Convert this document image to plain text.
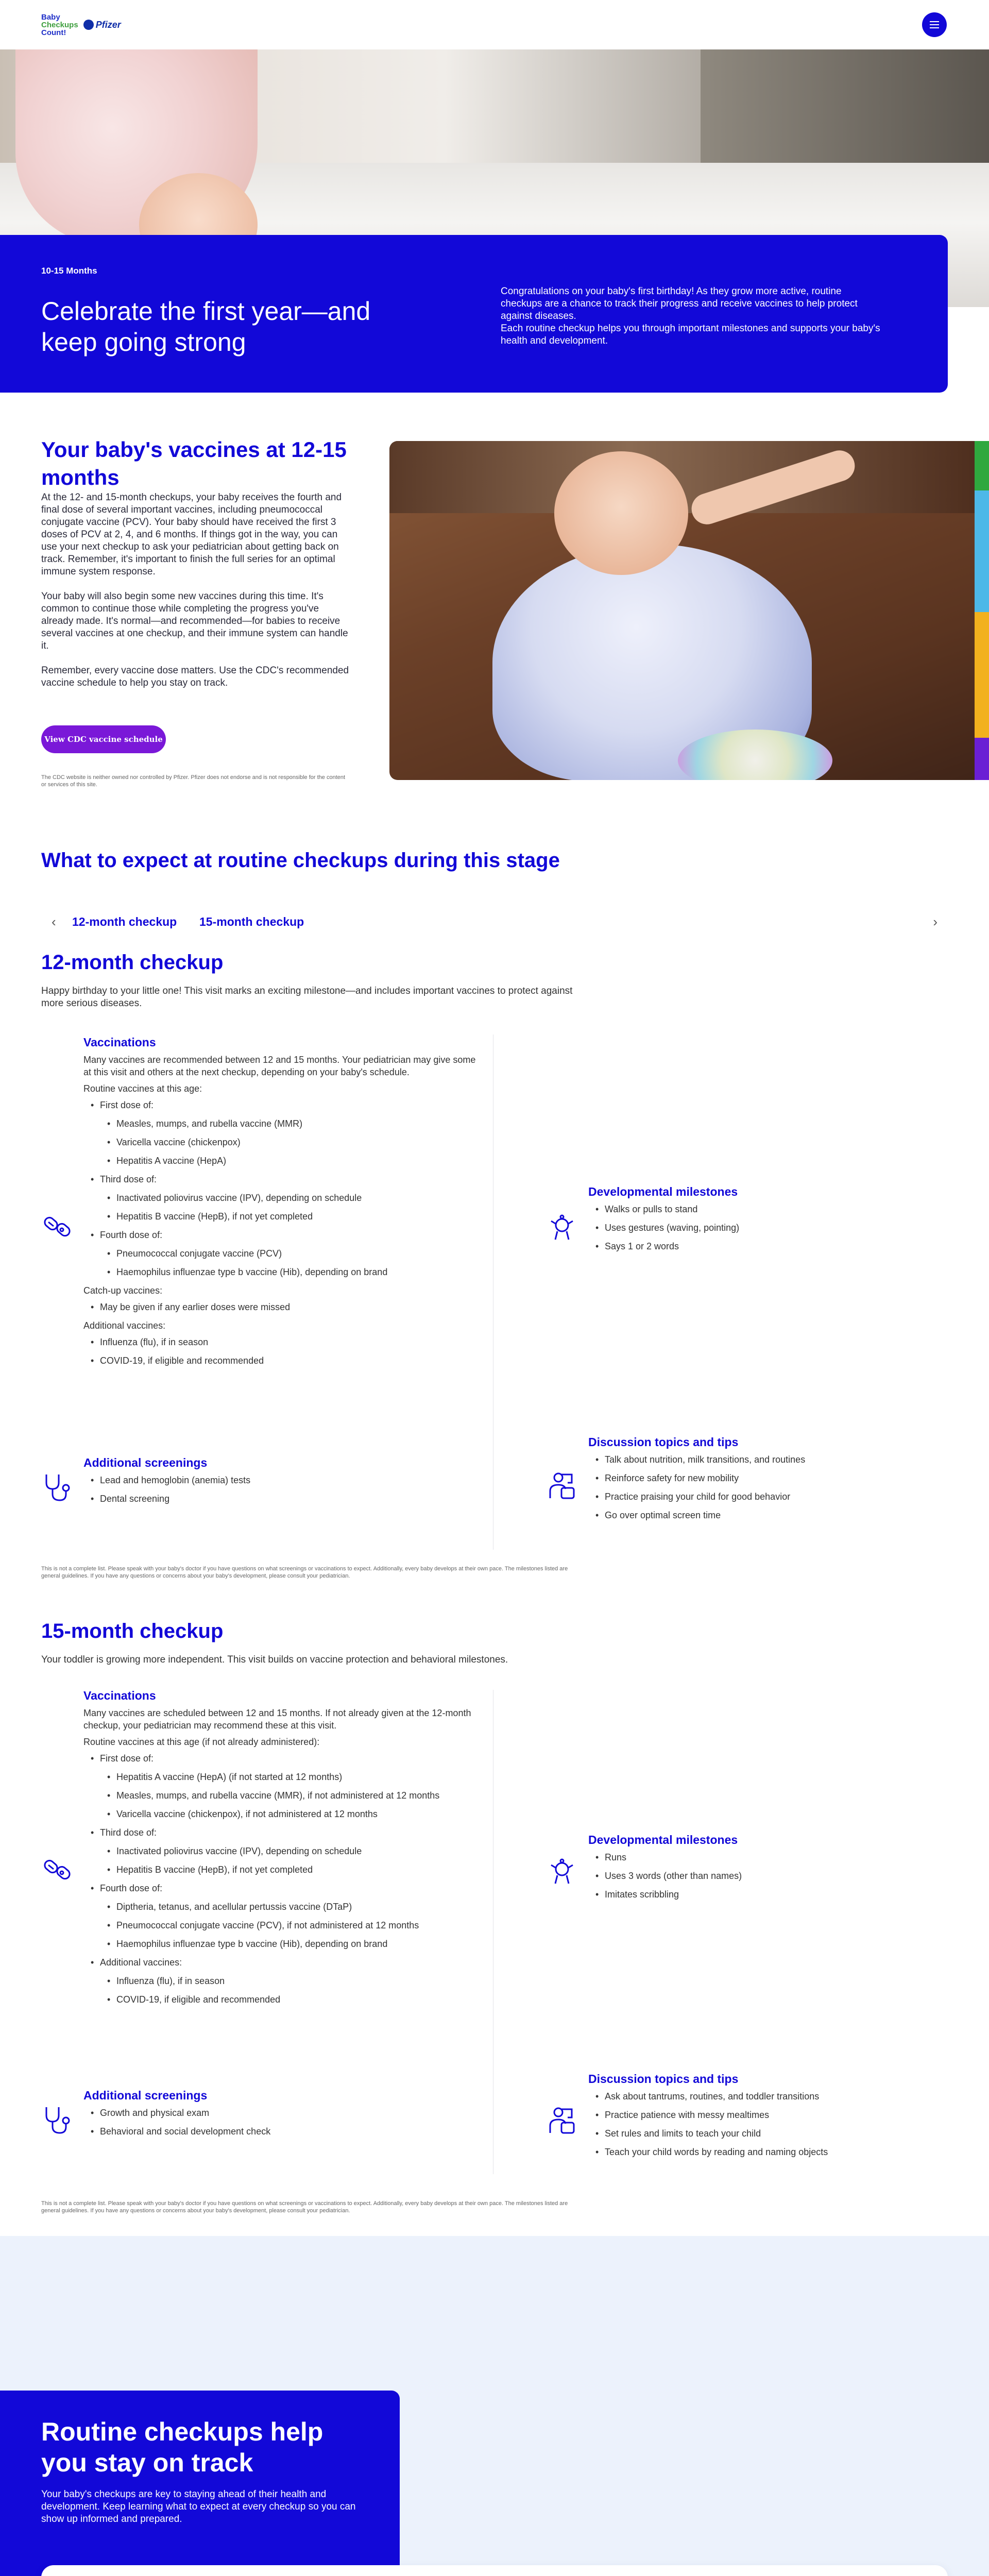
Baby
Checkups
Count!
Pfizer
10-15 Months
Celebrate the first year—and keep going strong

Congratulations on your baby's first birthday! As they grow more active, routine checkups are a chance to track their progress and receive vaccines to help protect against diseases.

Each routine checkup helps you through important milestones and supports your baby's health and development.

Your baby's vaccines at 12-15 months

At the 12- and 15-month checkups, your baby receives the fourth and final dose of several important vaccines, including pneumococcal conjugate vaccine (PCV). Your baby should have received the first 3 doses of PCV at 2, 4, and 6 months. If things got in the way, you can use your next checkup to ask your pediatrician about getting back on track. Remember, it's important to finish the full series for an optimal immune system response.

Your baby will also begin some new vaccines during this time. It's common to continue those while completing the progress you've already made. It's normal—and recommended—for babies to receive several vaccines at one checkup, and their immune system can handle it.

Remember, every vaccine dose matters. Use the CDC's recommended vaccine schedule to help you stay on track.

View CDC vaccine schedule
The CDC website is neither owned nor controlled by Pfizer. Pfizer does not endorse and is not responsible for the content or services of this site.
What to expect at routine checkups during this stage
‹ 12-month checkup 15-month checkup	›
12-month checkup

Happy birthday to your little one! This visit marks an exciting milestone—and includes important vaccines to protect against more serious diseases.

Vaccinations
Many vaccines are recommended between 12 and 15 months. Your pediatrician may give some at this visit and others at the next checkup, depending on your baby's schedule.
Routine vaccines at this age:
• First dose of:
• Measles, mumps, and rubella vaccine (MMR)
• Varicella vaccine (chickenpox)
• Hepatitis A vaccine (HepA)
• Third dose of:
• Inactivated poliovirus vaccine (IPV), depending on schedule
• Hepatitis B vaccine (HepB), if not yet completed
• Fourth dose of:
• Pneumococcal conjugate vaccine (PCV)
• Haemophilus influenzae type b vaccine (Hib), depending on brand
Catch-up vaccines:
• May be given if any earlier doses were missed
Additional vaccines:
• Influenza (flu), if in season
• COVID-19, if eligible and recommended
Developmental milestones
• Walks or pulls to stand
• Uses gestures (waving, pointing)
• Says 1 or 2 words
Additional screenings
• Lead and hemoglobin (anemia) tests
• Dental screening
Discussion topics and tips
• Talk about nutrition, milk transitions, and routines
• Reinforce safety for new mobility
• Practice praising your child for good behavior
• Go over optimal screen time

This is not a complete list. Please speak with your baby's doctor if you have questions on what screenings or vaccinations to expect. Additionally, every baby develops at their own pace. The milestones listed are general guidelines. If you have any questions or concerns about your baby's development, please consult your pediatrician.

15-month checkup

Your toddler is growing more independent. This visit builds on vaccine protection and behavioral milestones.

Vaccinations
Many vaccines are scheduled between 12 and 15 months. If not already given at the 12-month checkup, your pediatrician may recommend these at this visit.
Routine vaccines at this age (if not already administered):
• First dose of:
• Hepatitis A vaccine (HepA) (if not started at 12 months)
• Measles, mumps, and rubella vaccine (MMR), if not administered at 12 months
• Varicella vaccine (chickenpox), if not administered at 12 months
• Third dose of:
• Inactivated poliovirus vaccine (IPV), depending on schedule
• Hepatitis B vaccine (HepB), if not yet completed
• Fourth dose of:
• Diptheria, tetanus, and acellular pertussis vaccine (DTaP)
• Pneumococcal conjugate vaccine (PCV), if not administered at 12 months
• Haemophilus influenzae type b vaccine (Hib), depending on brand
• Additional vaccines:
• Influenza (flu), if in season
• COVID-19, if eligible and recommended
Developmental milestones
• Runs
• Uses 3 words (other than names)
• Imitates scribbling
Additional screenings
• Growth and physical exam
• Behavioral and social development check
Discussion topics and tips
• Ask about tantrums, routines, and toddler transitions
• Practice patience with messy mealtimes
• Set rules and limits to teach your child
• Teach your child words by reading and naming objects

This is not a complete list. Please speak with your baby's doctor if you have questions on what screenings or vaccinations to expect. Additionally, every baby develops at their own pace. The milestones listed are general guidelines. If you have any questions or concerns about your baby's development, please consult your pediatrician.

Routine checkups help you stay on track

Your baby's checkups are key to staying ahead of their health and development. Keep learning what to expect at every checkup so you can show up informed and prepared.
